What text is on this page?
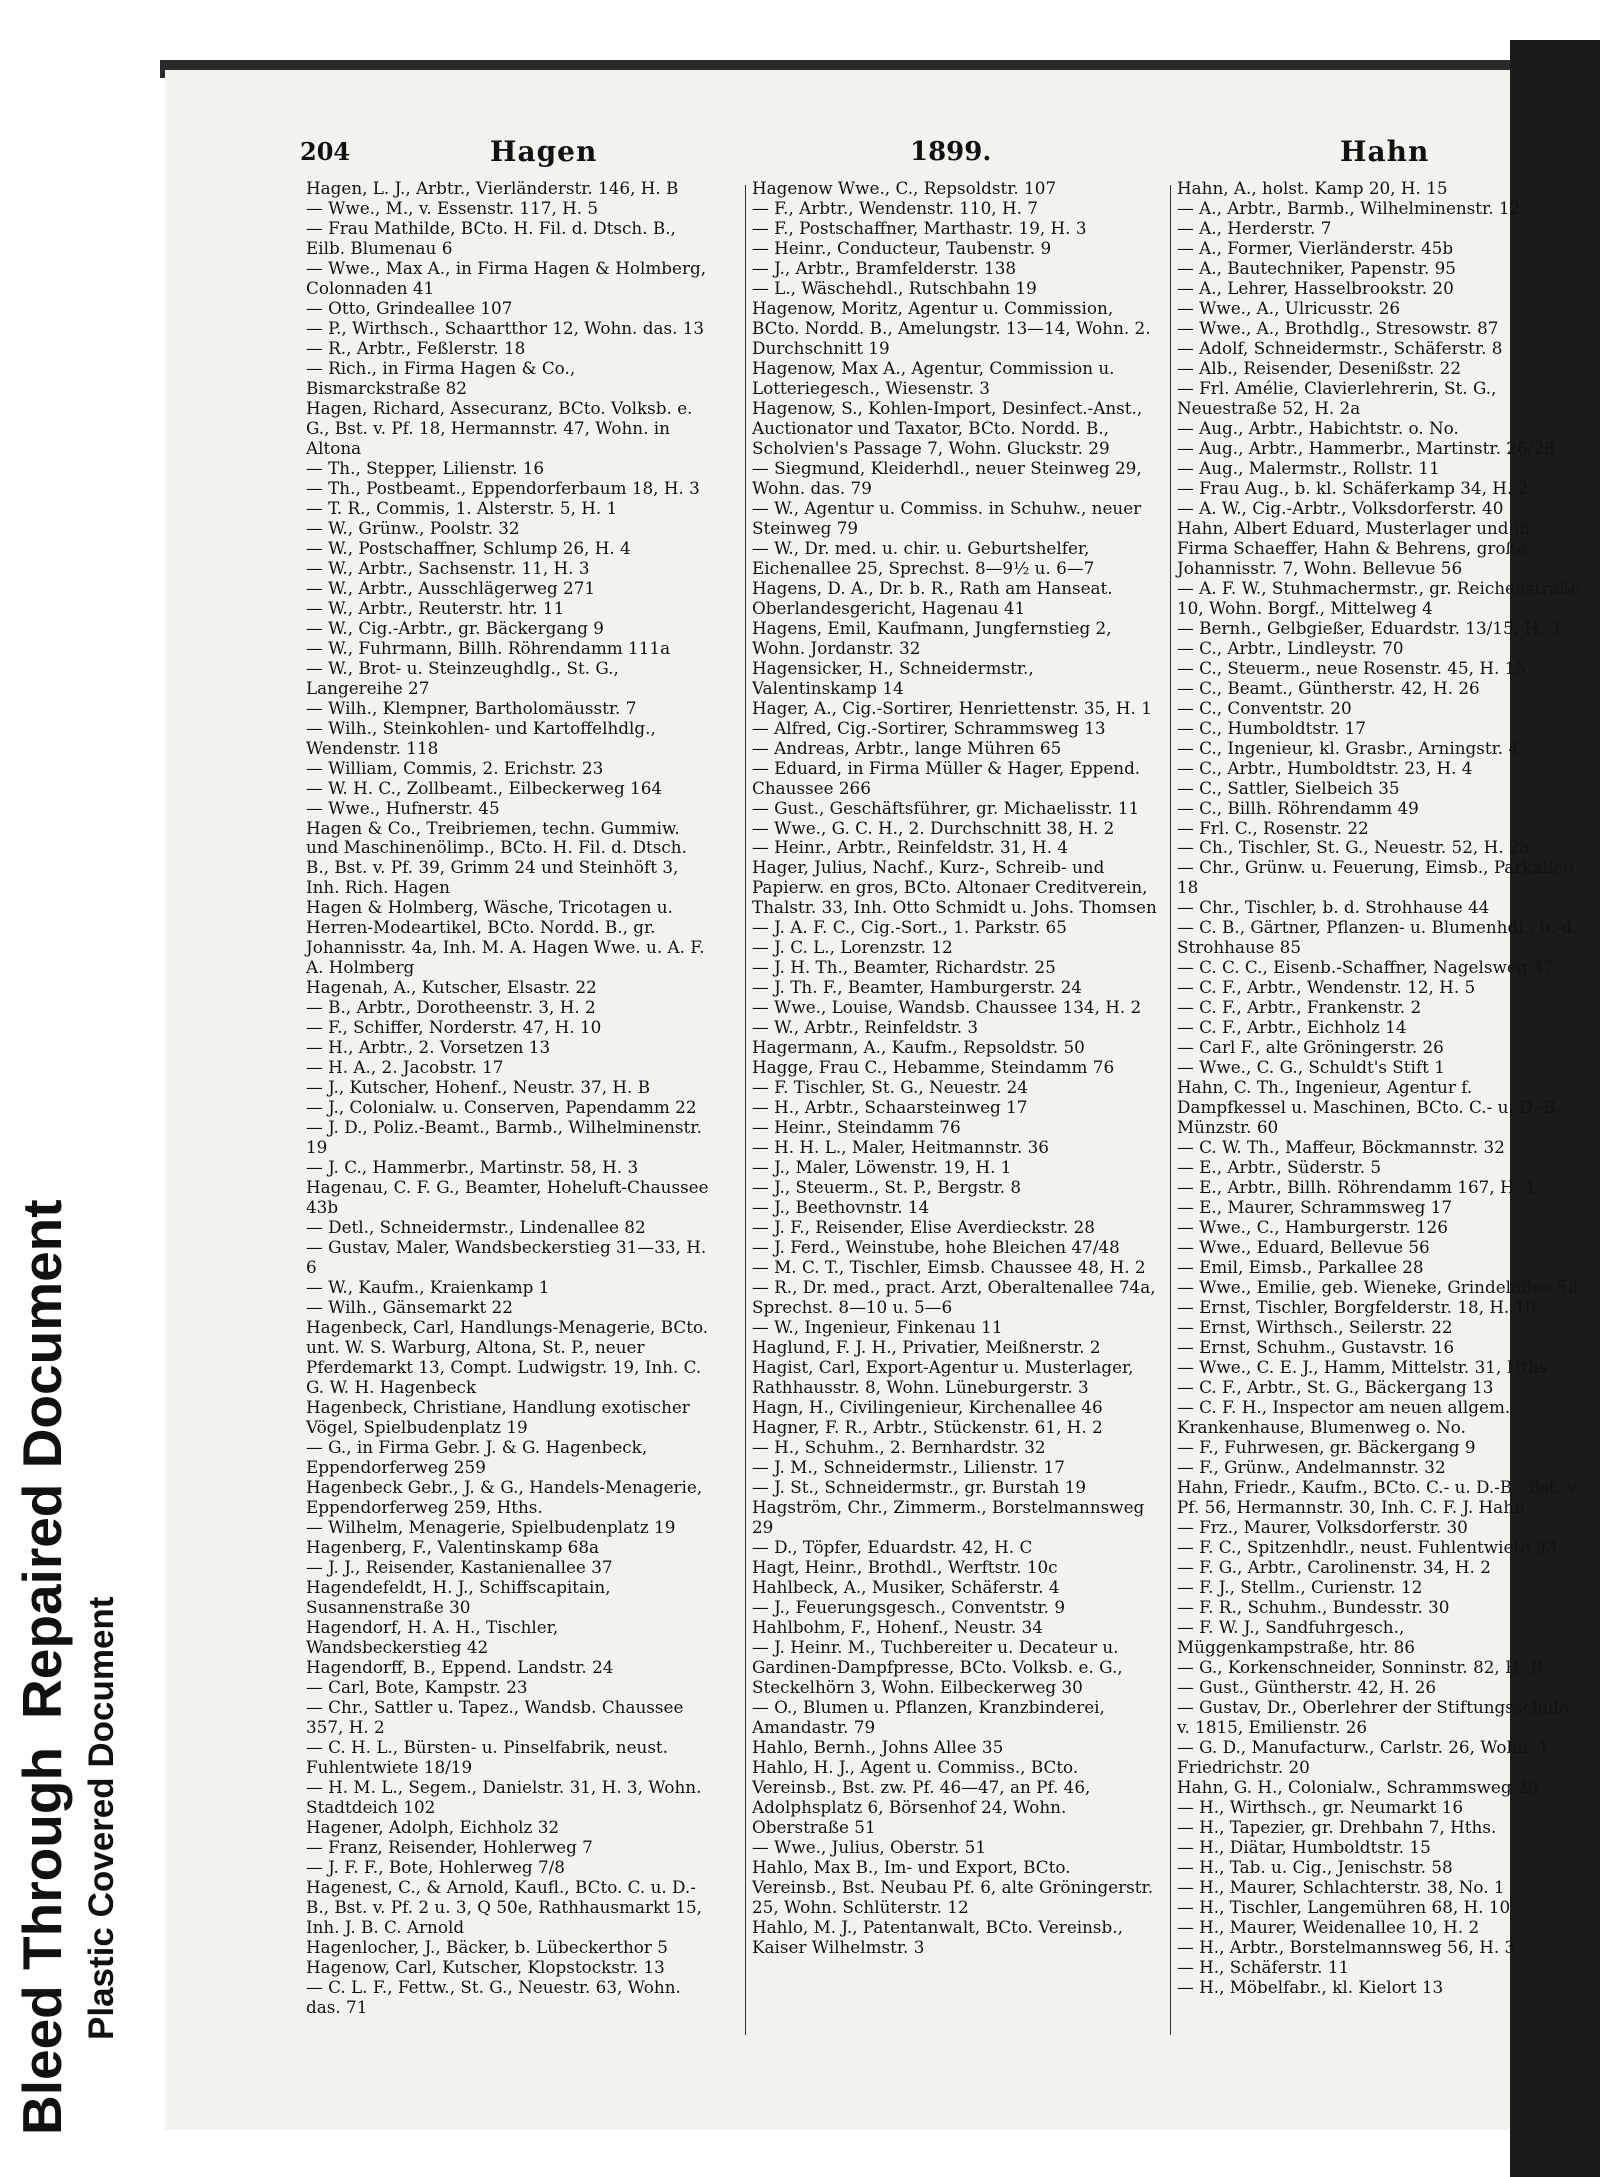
Bleed ThroughRepaired Document
Plastic Covered Document
204	Hagen	1899.	Hahn
Hagen, L. J., Arbtr., Vierländerstr. 146, H. B
— Wwe., M., v. Essenstr. 117, H. 5
— Frau Mathilde, BCto. H. Fil. d. Dtsch. B., Eilb. Blumenau 6
— Wwe., Max A., in Firma Hagen & Holmberg, Colonnaden 41
— Otto, Grindeallee 107
— P., Wirthsch., Schaartthor 12, Wohn. das. 13
— R., Arbtr., Feßlerstr. 18
— Rich., in Firma Hagen & Co., Bismarckstraße 82
Hagen, Richard, Assecuranz, BCto. Volksb. e. G., Bst. v. Pf. 18, Hermannstr. 47, Wohn. in Altona
— Th., Stepper, Lilienstr. 16
— Th., Postbeamt., Eppendorferbaum 18, H. 3
— T. R., Commis, 1. Alsterstr. 5, H. 1
— W., Grünw., Poolstr. 32
— W., Postschaffner, Schlump 26, H. 4
— W., Arbtr., Sachsenstr. 11, H. 3
— W., Arbtr., Ausschlägerweg 271
— W., Arbtr., Reuterstr. htr. 11
— W., Cig.-Arbtr., gr. Bäckergang 9
— W., Fuhrmann, Billh. Röhrendamm 111a
— W., Brot- u. Steinzeughdlg., St. G., Langereihe 27
— Wilh., Klempner, Bartholomäusstr. 7
— Wilh., Steinkohlen- und Kartoffelhdlg., Wendenstr. 118
— William, Commis, 2. Erichstr. 23
— W. H. C., Zollbeamt., Eilbeckerweg 164
— Wwe., Hufnerstr. 45
Hagen & Co., Treibriemen, techn. Gummiw. und Maschinenölimp., BCto. H. Fil. d. Dtsch. B., Bst. v. Pf. 39, Grimm 24 und Steinhöft 3, Inh. Rich. Hagen
Hagen & Holmberg, Wäsche, Tricotagen u. Herren-Modeartikel, BCto. Nordd. B., gr. Johannisstr. 4a, Inh. M. A. Hagen Wwe. u. A. F. A. Holmberg
Hagenah, A., Kutscher, Elsastr. 22
— B., Arbtr., Dorotheenstr. 3, H. 2
— F., Schiffer, Norderstr. 47, H. 10
— H., Arbtr., 2. Vorsetzen 13
— H. A., 2. Jacobstr. 17
— J., Kutscher, Hohenf., Neustr. 37, H. B
— J., Colonialw. u. Conserven, Papendamm 22
— J. D., Poliz.-Beamt., Barmb., Wilhelminenstr. 19
— J. C., Hammerbr., Martinstr. 58, H. 3
Hagenau, C. F. G., Beamter, Hoheluft-Chaussee 43b
— Detl., Schneidermstr., Lindenallee 82
— Gustav, Maler, Wandsbeckerstieg 31—33, H. 6
— W., Kaufm., Kraienkamp 1
— Wilh., Gänsemarkt 22
Hagenbeck, Carl, Handlungs-Menagerie, BCto. unt. W. S. Warburg, Altona, St. P., neuer Pferdemarkt 13, Compt. Ludwigstr. 19, Inh. C. G. W. H. Hagenbeck
Hagenbeck, Christiane, Handlung exotischer Vögel, Spielbudenplatz 19
— G., in Firma Gebr. J. & G. Hagenbeck, Eppendorferweg 259
Hagenbeck Gebr., J. & G., Handels-Menagerie, Eppendorferweg 259, Hths.
— Wilhelm, Menagerie, Spielbudenplatz 19
Hagenberg, F., Valentinskamp 68a
— J. J., Reisender, Kastanienallee 37
Hagendefeldt, H. J., Schiffscapitain, Susannenstraße 30
Hagendorf, H. A. H., Tischler, Wandsbeckerstieg 42
Hagendorff, B., Eppend. Landstr. 24
— Carl, Bote, Kampstr. 23
— Chr., Sattler u. Tapez., Wandsb. Chaussee 357, H. 2
— C. H. L., Bürsten- u. Pinselfabrik, neust. Fuhlentwiete 18/19
— H. M. L., Segem., Danielstr. 31, H. 3, Wohn. Stadtdeich 102
Hagener, Adolph, Eichholz 32
— Franz, Reisender, Hohlerweg 7
— J. F. F., Bote, Hohlerweg 7/8
Hagenest, C., & Arnold, Kaufl., BCto. C. u. D.-B., Bst. v. Pf. 2 u. 3, Q 50e, Rathhausmarkt 15, Inh. J. B. C. Arnold
Hagenlocher, J., Bäcker, b. Lübeckerthor 5
Hagenow, Carl, Kutscher, Klopstockstr. 13
— C. L. F., Fettw., St. G., Neuestr. 63, Wohn. das. 71
Hagenow Wwe., C., Repsoldstr. 107
— F., Arbtr., Wendenstr. 110, H. 7
— F., Postschaffner, Marthastr. 19, H. 3
— Heinr., Conducteur, Taubenstr. 9
— J., Arbtr., Bramfelderstr. 138
— L., Wäschehdl., Rutschbahn 19
Hagenow, Moritz, Agentur u. Commission, BCto. Nordd. B., Amelungstr. 13—14, Wohn. 2. Durchschnitt 19
Hagenow, Max A., Agentur, Commission u. Lotteriegesch., Wiesenstr. 3
Hagenow, S., Kohlen-Import, Desinfect.-Anst., Auctionator und Taxator, BCto. Nordd. B., Scholvien's Passage 7, Wohn. Gluckstr. 29
— Siegmund, Kleiderhdl., neuer Steinweg 29, Wohn. das. 79
— W., Agentur u. Commiss. in Schuhw., neuer Steinweg 79
— W., Dr. med. u. chir. u. Geburtshelfer, Eichenallee 25, Sprechst. 8—9½ u. 6—7
Hagens, D. A., Dr. b. R., Rath am Hanseat. Oberlandesgericht, Hagenau 41
Hagens, Emil, Kaufmann, Jungfernstieg 2, Wohn. Jordanstr. 32
Hagensicker, H., Schneidermstr., Valentinskamp 14
Hager, A., Cig.-Sortirer, Henriettenstr. 35, H. 1
— Alfred, Cig.-Sortirer, Schrammsweg 13
— Andreas, Arbtr., lange Mühren 65
— Eduard, in Firma Müller & Hager, Eppend. Chaussee 266
— Gust., Geschäftsführer, gr. Michaelisstr. 11
— Wwe., G. C. H., 2. Durchschnitt 38, H. 2
— Heinr., Arbtr., Reinfeldstr. 31, H. 4
Hager, Julius, Nachf., Kurz-, Schreib- und Papierw. en gros, BCto. Altonaer Creditverein, Thalstr. 33, Inh. Otto Schmidt u. Johs. Thomsen
— J. A. F. C., Cig.-Sort., 1. Parkstr. 65
— J. C. L., Lorenzstr. 12
— J. H. Th., Beamter, Richardstr. 25
— J. Th. F., Beamter, Hamburgerstr. 24
— Wwe., Louise, Wandsb. Chaussee 134, H. 2
— W., Arbtr., Reinfeldstr. 3
Hagermann, A., Kaufm., Repsoldstr. 50
Hagge, Frau C., Hebamme, Steindamm 76
— F. Tischler, St. G., Neuestr. 24
— H., Arbtr., Schaarsteinweg 17
— Heinr., Steindamm 76
— H. H. L., Maler, Heitmannstr. 36
— J., Maler, Löwenstr. 19, H. 1
— J., Steuerm., St. P., Bergstr. 8
— J., Beethovnstr. 14
— J. F., Reisender, Elise Averdieckstr. 28
— J. Ferd., Weinstube, hohe Bleichen 47/48
— M. C. T., Tischler, Eimsb. Chaussee 48, H. 2
— R., Dr. med., pract. Arzt, Oberaltenallee 74a, Sprechst. 8—10 u. 5—6
— W., Ingenieur, Finkenau 11
Haglund, F. J. H., Privatier, Meißnerstr. 2
Hagist, Carl, Export-Agentur u. Musterlager, Rathhausstr. 8, Wohn. Lüneburgerstr. 3
Hagn, H., Civilingenieur, Kirchenallee 46
Hagner, F. R., Arbtr., Stückenstr. 61, H. 2
— H., Schuhm., 2. Bernhardstr. 32
— J. M., Schneidermstr., Lilienstr. 17
— J. St., Schneidermstr., gr. Burstah 19
Hagström, Chr., Zimmerm., Borstelmannsweg 29
— D., Töpfer, Eduardstr. 42, H. C
Hagt, Heinr., Brothdl., Werftstr. 10c
Hahlbeck, A., Musiker, Schäferstr. 4
— J., Feuerungsgesch., Conventstr. 9
Hahlbohm, F., Hohenf., Neustr. 34
— J. Heinr. M., Tuchbereiter u. Decateur u. Gardinen-Dampfpresse, BCto. Volksb. e. G., Steckelhörn 3, Wohn. Eilbeckerweg 30
— O., Blumen u. Pflanzen, Kranzbinderei, Amandastr. 79
Hahlo, Bernh., Johns Allee 35
Hahlo, H. J., Agent u. Commiss., BCto. Vereinsb., Bst. zw. Pf. 46—47, an Pf. 46, Adolphsplatz 6, Börsenhof 24, Wohn. Oberstraße 51
— Wwe., Julius, Oberstr. 51
Hahlo, Max B., Im- und Export, BCto. Vereinsb., Bst. Neubau Pf. 6, alte Gröningerstr. 25, Wohn. Schlüterstr. 12
Hahlo, M. J., Patentanwalt, BCto. Vereinsb., Kaiser Wilhelmstr. 3
Hahn, A., holst. Kamp 20, H. 15
— A., Arbtr., Barmb., Wilhelminenstr. 12
— A., Herderstr. 7
— A., Former, Vierländerstr. 45b
— A., Bautechniker, Papenstr. 95
— A., Lehrer, Hasselbrookstr. 20
— Wwe., A., Ulricusstr. 26
— Wwe., A., Brothdlg., Stresowstr. 87
— Adolf, Schneidermstr., Schäferstr. 8
— Alb., Reisender, Desenißstr. 22
— Frl. Amélie, Clavierlehrerin, St. G., Neuestraße 52, H. 2a
— Aug., Arbtr., Habichtstr. o. No.
— Aug., Arbtr., Hammerbr., Martinstr. 26/28
— Aug., Malermstr., Rollstr. 11
— Frau Aug., b. kl. Schäferkamp 34, H. 2
— A. W., Cig.-Arbtr., Volksdorferstr. 40
Hahn, Albert Eduard, Musterlager und in Firma Schaeffer, Hahn & Behrens, große Johannisstr. 7, Wohn. Bellevue 56
— A. F. W., Stuhmachermstr., gr. Reichenstraße 10, Wohn. Borgf., Mittelweg 4
— Bernh., Gelbgießer, Eduardstr. 13/15, H. 3
— C., Arbtr., Lindleystr. 70
— C., Steuerm., neue Rosenstr. 45, H. 15
— C., Beamt., Güntherstr. 42, H. 26
— C., Conventstr. 20
— C., Humboldtstr. 17
— C., Ingenieur, kl. Grasbr., Arningstr. 4
— C., Arbtr., Humboldtstr. 23, H. 4
— C., Sattler, Sielbeich 35
— C., Billh. Röhrendamm 49
— Frl. C., Rosenstr. 22
— Ch., Tischler, St. G., Neuestr. 52, H. 2a
— Chr., Grünw. u. Feuerung, Eimsb., Parkallee 18
— Chr., Tischler, b. d. Strohhause 44
— C. B., Gärtner, Pflanzen- u. Blumenhdl., b. d. Strohhause 85
— C. C. C., Eisenb.-Schaffner, Nagelsweg 47
— C. F., Arbtr., Wendenstr. 12, H. 5
— C. F., Arbtr., Frankenstr. 2
— C. F., Arbtr., Eichholz 14
— Carl F., alte Gröningerstr. 26
— Wwe., C. G., Schuldt's Stift 1
Hahn, C. Th., Ingenieur, Agentur f. Dampfkessel u. Maschinen, BCto. C.- u. D.-B., Münzstr. 60
— C. W. Th., Maffeur, Böckmannstr. 32
— E., Arbtr., Süderstr. 5
— E., Arbtr., Billh. Röhrendamm 167, H. 1
— E., Maurer, Schrammsweg 17
— Wwe., C., Hamburgerstr. 126
— Wwe., Eduard, Bellevue 56
— Emil, Eimsb., Parkallee 28
— Wwe., Emilie, geb. Wieneke, Grindelallee 58
— Ernst, Tischler, Borgfelderstr. 18, H. 10
— Ernst, Wirthsch., Seilerstr. 22
— Ernst, Schuhm., Gustavstr. 16
— Wwe., C. E. J., Hamm, Mittelstr. 31, Hths.
— C. F., Arbtr., St. G., Bäckergang 13
— C. F. H., Inspector am neuen allgem. Krankenhause, Blumenweg o. No.
— F., Fuhrwesen, gr. Bäckergang 9
— F., Grünw., Andelmannstr. 32
Hahn, Friedr., Kaufm., BCto. C.- u. D.-B., Bst. v. Pf. 56, Hermannstr. 30, Inh. C. F. J. Hahn
— Frz., Maurer, Volksdorferstr. 30
— F. C., Spitzenhdlr., neust. Fuhlentwiete 93
— F. G., Arbtr., Carolinenstr. 34, H. 2
— F. J., Stellm., Curienstr. 12
— F. R., Schuhm., Bundesstr. 30
— F. W. J., Sandfuhrgesch., Müggenkampstraße, htr. 86
— G., Korkenschneider, Sonninstr. 82, H. B
— Gust., Güntherstr. 42, H. 26
— Gustav, Dr., Oberlehrer der Stiftungsschule v. 1815, Emilienstr. 26
— G. D., Manufacturw., Carlstr. 26, Wohn. 1. Friedrichstr. 20
Hahn, G. H., Colonialw., Schrammsweg 28
— H., Wirthsch., gr. Neumarkt 16
— H., Tapezier, gr. Drehbahn 7, Hths.
— H., Diätar, Humboldtstr. 15
— H., Tab. u. Cig., Jenischstr. 58
— H., Maurer, Schlachterstr. 38, No. 1
— H., Tischler, Langemühren 68, H. 10
— H., Maurer, Weidenallee 10, H. 2
— H., Arbtr., Borstelmannsweg 56, H. 3
— H., Schäferstr. 11
— H., Möbelfabr., kl. Kielort 13
